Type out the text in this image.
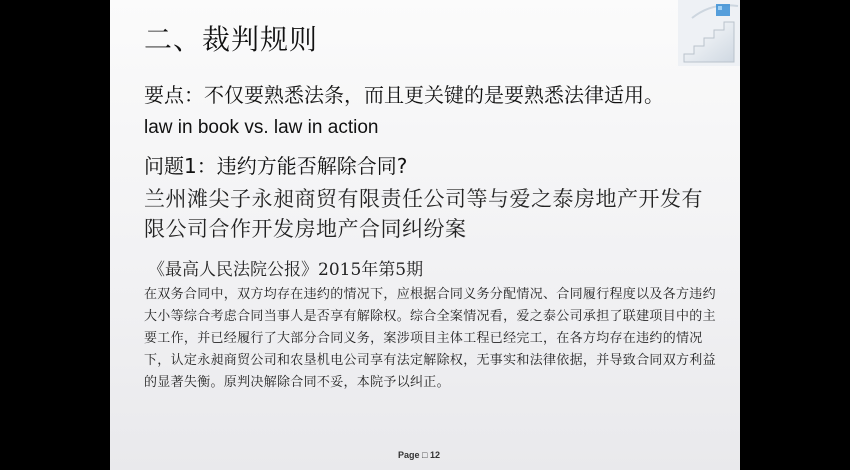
二、裁判规则

要点：不仅要熟悉法条，而且更关键的是要熟悉法律适用。

law in book vs. law in action

问题1：违约方能否解除合同?

兰州滩尖子永昶商贸有限责任公司等与爱之泰房地产开发有限公司合作开发房地产合同纠纷案

《最高人民法院公报》2015年第5期

在双务合同中，双方均存在违约的情况下，应根据合同义务分配情况、合同履行程度以及各方违约大小等综合考虑合同当事人是否享有解除权。综合全案情况看，爱之泰公司承担了联建项目中的主要工作，并已经履行了大部分合同义务，案涉项目主体工程已经完工，在各方均存在违约的情况下，认定永昶商贸公司和农垦机电公司享有法定解除权，无事实和法律依据，并导致合同双方利益的显著失衡。原判决解除合同不妥，本院予以纠正。

Page □ 12
